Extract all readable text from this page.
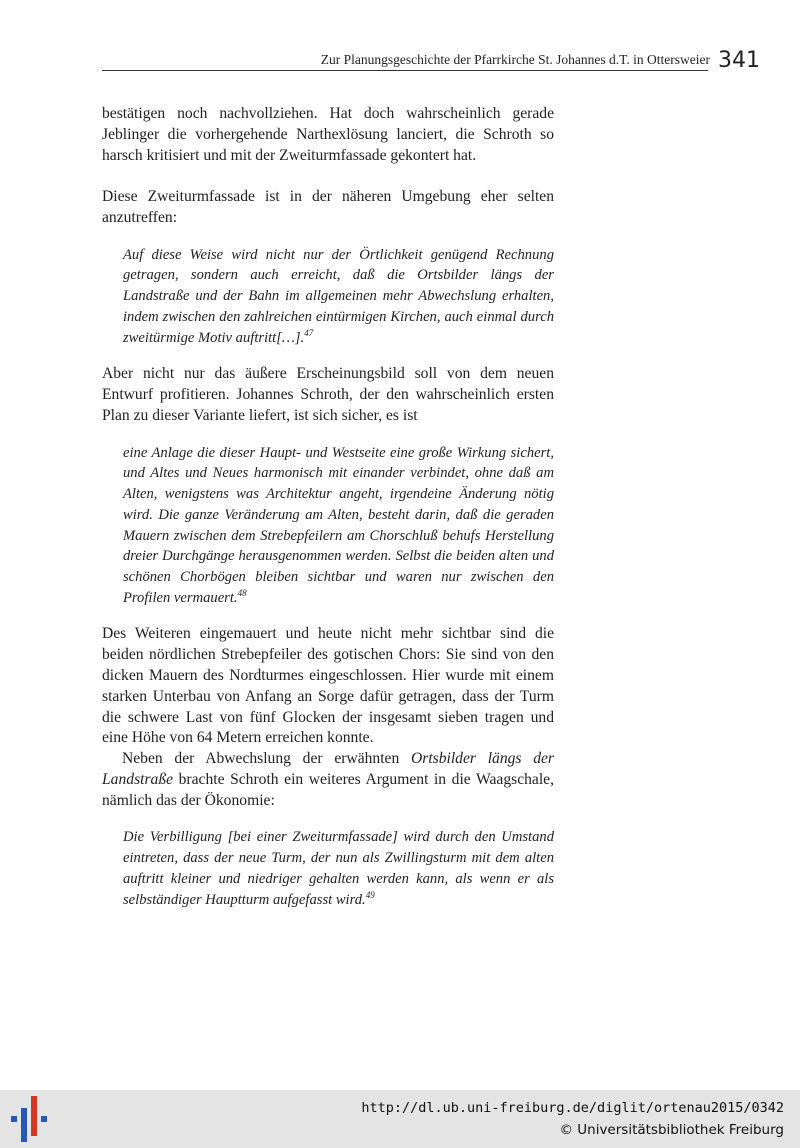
Zur Planungsgeschichte der Pfarrkirche St. Johannes d.T. in Ottersweier 341

bestätigen noch nachvollziehen. Hat doch wahrscheinlich gerade Jeblinger die vorhergehende Narthexlösung lanciert, die Schroth so harsch kritisiert und mit der Zweiturmfassade gekontert hat.

Diese Zweiturmfassade ist in der näheren Umgebung eher selten anzutreffen:

Auf diese Weise wird nicht nur der Örtlichkeit genügend Rechnung getragen, sondern auch erreicht, daß die Ortsbilder längs der Landstraße und der Bahn im allgemeinen mehr Abwechslung erhalten, indem zwischen den zahlreichen eintürmigen Kirchen, auch einmal durch zweitürmige Motiv auftritt[…].$^{47}$

Aber nicht nur das äußere Erscheinungsbild soll von dem neuen Entwurf profitieren. Johannes Schroth, der den wahrscheinlich ersten Plan zu dieser Variante liefert, ist sich sicher, es ist

eine Anlage die dieser Haupt- und Westseite eine große Wirkung sichert, und Altes und Neues harmonisch mit einander verbindet, ohne daß am Alten, wenigstens was Architektur angeht, irgendeine Änderung nötig wird. Die ganze Veränderung am Alten, besteht darin, daß die geraden Mauern zwischen dem Strebepfeilern am Chorschluß behufs Herstellung dreier Durchgänge herausgenommen werden. Selbst die beiden alten und schönen Chorbögen bleiben sichtbar und waren nur zwischen den Profilen vermauert.$^{48}$

Des Weiteren eingemauert und heute nicht mehr sichtbar sind die beiden nördlichen Strebepfeiler des gotischen Chors: Sie sind von den dicken Mauern des Nordturmes eingeschlossen. Hier wurde mit einem starken Unterbau von Anfang an Sorge dafür getragen, dass der Turm die schwere Last von fünf Glocken der insgesamt sieben tragen und eine Höhe von 64 Metern erreichen konnte.

Neben der Abwechslung der erwähnten Ortsbilder längs der Landstraße brachte Schroth ein weiteres Argument in die Waagschale, nämlich das der Ökonomie:

Die Verbilligung [bei einer Zweiturmfassade] wird durch den Umstand eintreten, dass der neue Turm, der nun als Zwillingsturm mit dem alten auftritt kleiner und niedriger gehalten werden kann, als wenn er als selbständiger Hauptturm aufgefasst wird.$^{49}$

http://dl.ub.uni-freiburg.de/diglit/ortenau2015/0342
© Universitätsbibliothek Freiburg
